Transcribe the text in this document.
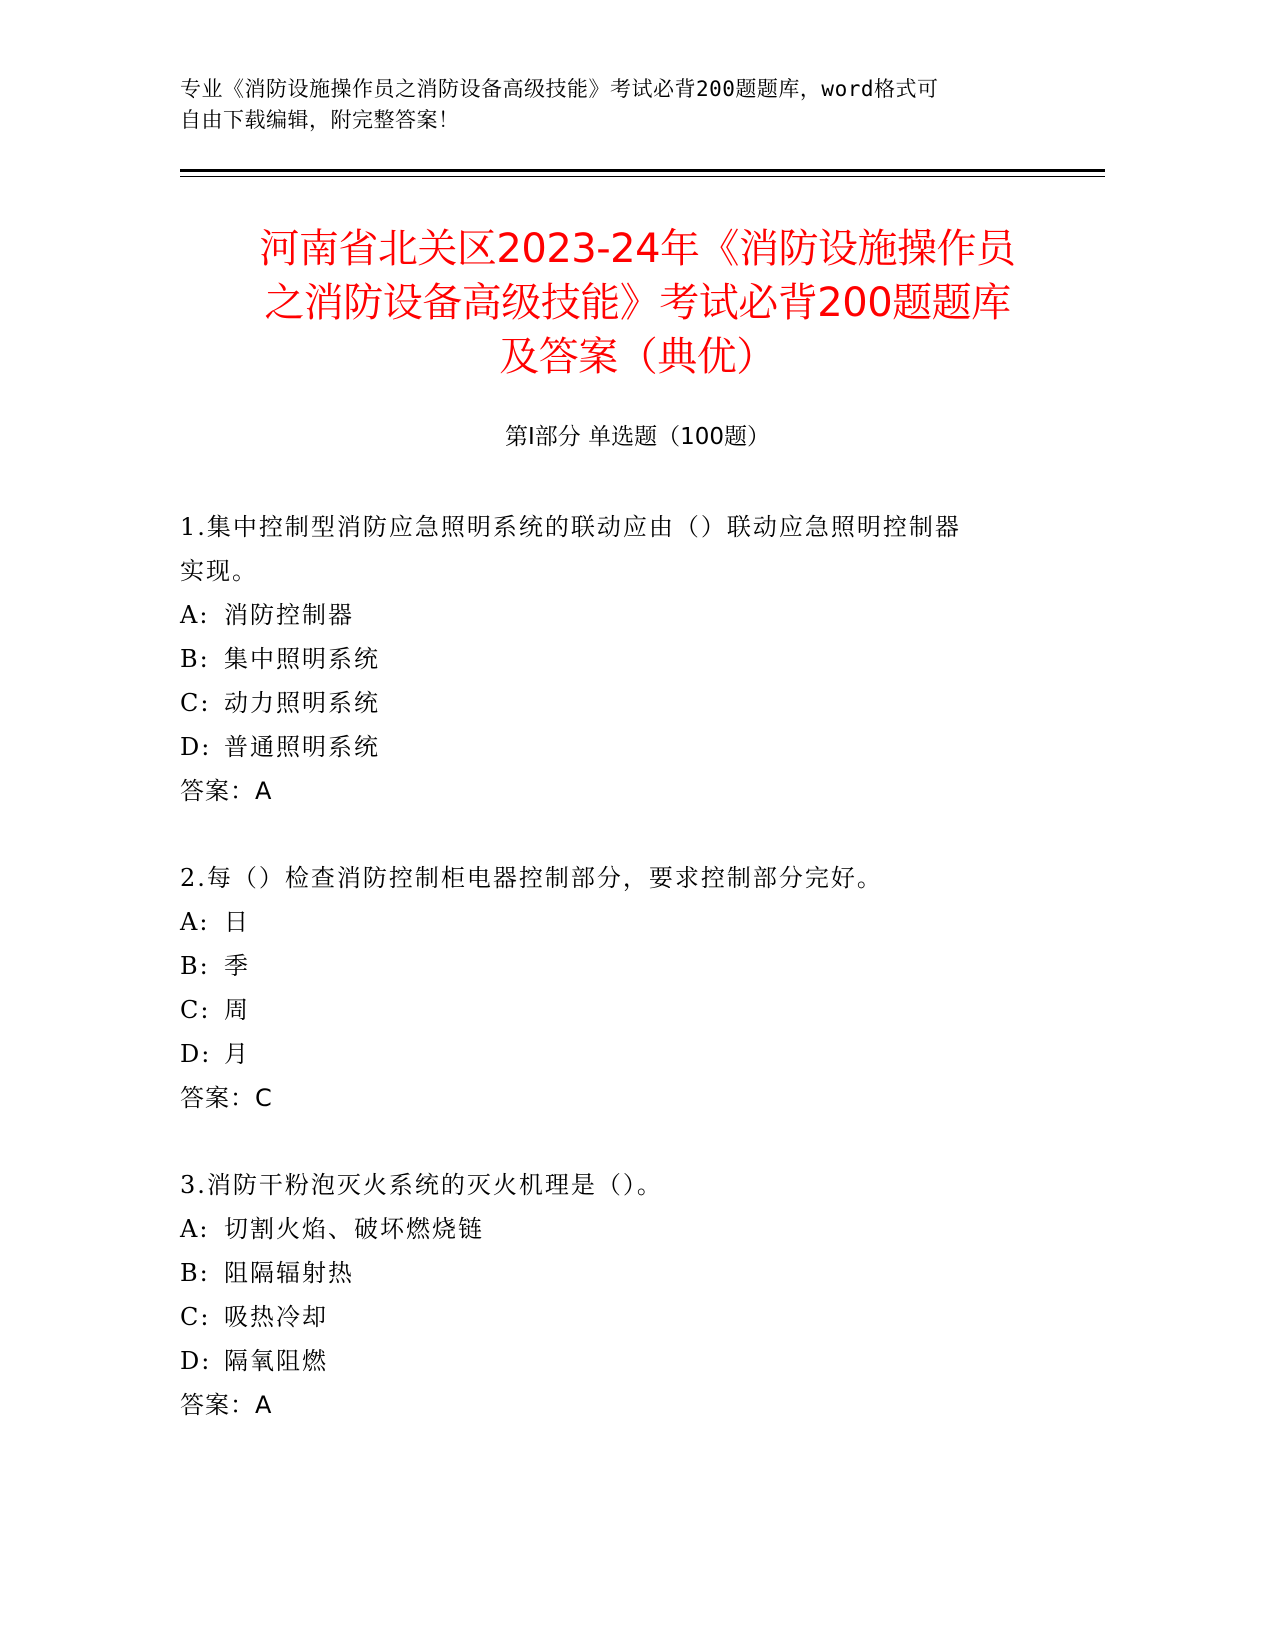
专业《消防设施操作员之消防设备高级技能》考试必背200题题库，word格式可
自由下载编辑，附完整答案！
河南省北关区2023-24年《消防设施操作员
之消防设备高级技能》考试必背200题题库
及答案（典优）
第Ⅰ部分 单选题（100题）
1.集中控制型消防应急照明系统的联动应由（）联动应急照明控制器
实现。
A: 消防控制器
B: 集中照明系统
C: 动力照明系统
D: 普通照明系统
答案：A
2.每（）检查消防控制柜电器控制部分，要求控制部分完好。
A: 日
B: 季
C: 周
D: 月
答案：C
3.消防干粉泡灭火系统的灭火机理是（）。
A: 切割火焰、破坏燃烧链
B: 阻隔辐射热
C: 吸热冷却
D: 隔氧阻燃
答案：A
